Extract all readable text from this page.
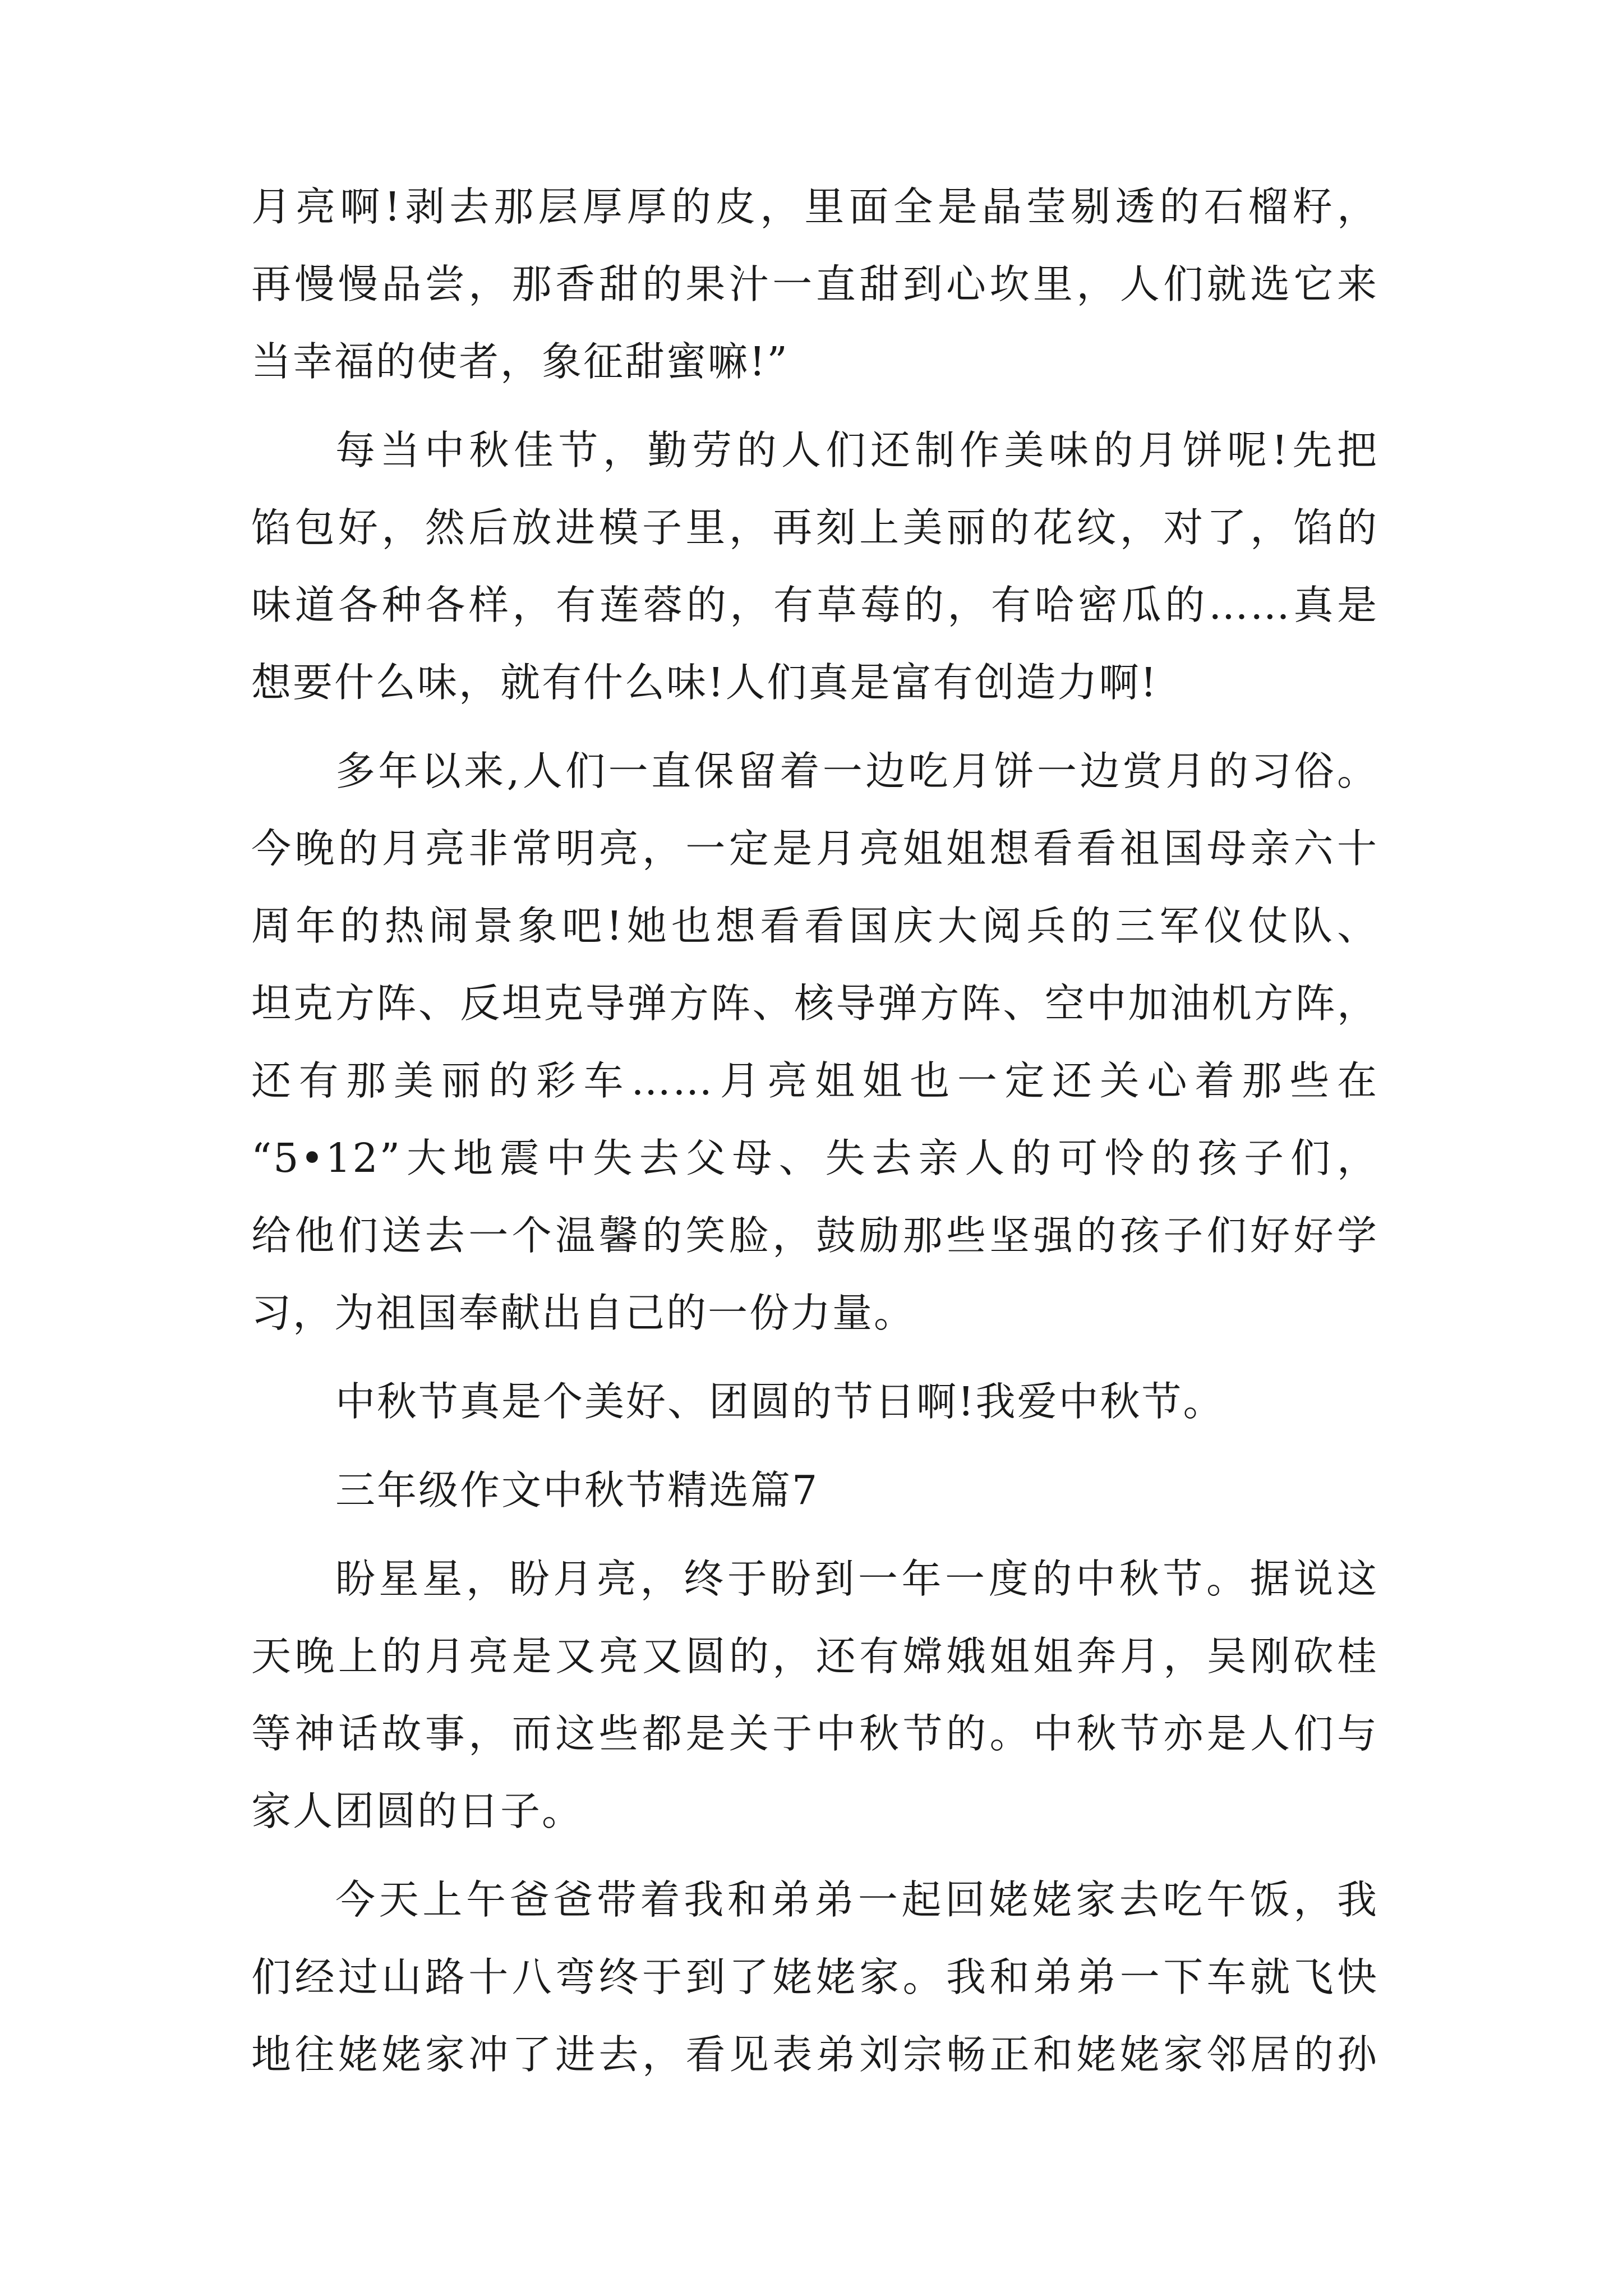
月亮啊!剥去那层厚厚的皮，里面全是晶莹剔透的石榴籽，
再慢慢品尝，那香甜的果汁一直甜到心坎里，人们就选它来
当幸福的使者，象征甜蜜嘛!”
每当中秋佳节，勤劳的人们还制作美味的月饼呢!先把
馅包好，然后放进模子里，再刻上美丽的花纹，对了，馅的
味道各种各样，有莲蓉的，有草莓的，有哈密瓜的……真是
想要什么味，就有什么味!人们真是富有创造力啊!
多年以来,人们一直保留着一边吃月饼一边赏月的习俗。
今晚的月亮非常明亮，一定是月亮姐姐想看看祖国母亲六十
周年的热闹景象吧!她也想看看国庆大阅兵的三军仪仗队、
坦克方阵、反坦克导弹方阵、核导弹方阵、空中加油机方阵，
还有那美丽的彩车……月亮姐姐也一定还关心着那些在
“5•12”大地震中失去父母、失去亲人的可怜的孩子们，
给他们送去一个温馨的笑脸，鼓励那些坚强的孩子们好好学
习，为祖国奉献出自己的一份力量。
中秋节真是个美好、团圆的节日啊!我爱中秋节。
三年级作文中秋节精选篇7
盼星星，盼月亮，终于盼到一年一度的中秋节。据说这
天晚上的月亮是又亮又圆的，还有嫦娥姐姐奔月，吴刚砍桂
等神话故事，而这些都是关于中秋节的。中秋节亦是人们与
家人团圆的日子。
今天上午爸爸带着我和弟弟一起回姥姥家去吃午饭，我
们经过山路十八弯终于到了姥姥家。我和弟弟一下车就飞快
地往姥姥家冲了进去，看见表弟刘宗畅正和姥姥家邻居的孙
